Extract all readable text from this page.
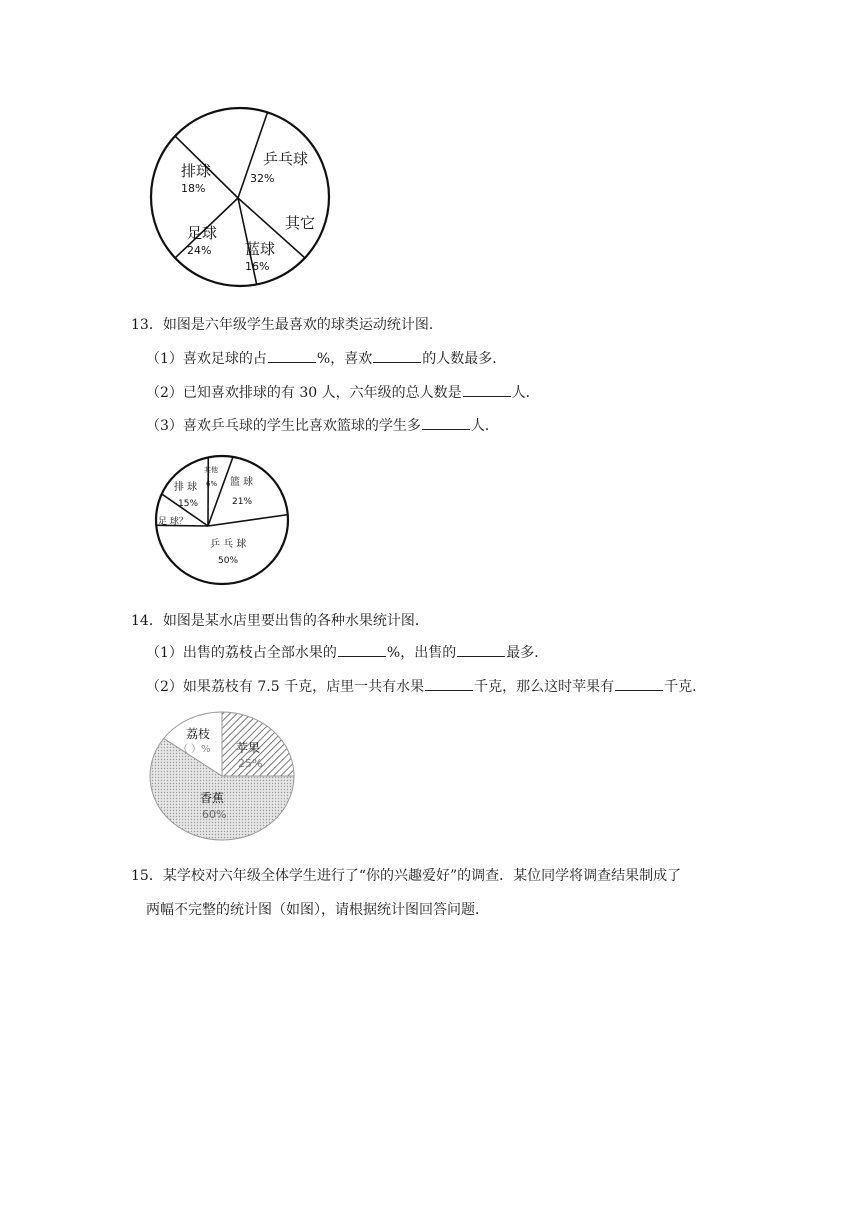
乒乓球
32%
其它
蓝球
16%
足球
24%
排球
18%
13．如图是六年级学生最喜欢的球类运动统计图．
（1）喜欢足球的占	%，喜欢	的人数最多．
（2）已知喜欢排球的有 30 人，六年级的总人数是	人．
（3）喜欢乒乓球的学生比喜欢篮球的学生多	人．
其他
6% 篮 球
21%
乒 乓 球
50%
足 球？
排 球
15%
14．如图是某水店里要出售的各种水果统计图．
（1）出售的荔枝占全部水果的	%，出售的	最多．
（2）如果荔枝有 7.5 千克，店里一共有水果	千克，那么这时苹果有	千克．
苹果
25%
香蕉
60%
荔枝
（ ）%
15．某学校对六年级全体学生进行了“你的兴趣爱好”的调查．某位同学将调查结果制成了
两幅不完整的统计图（如图），请根据统计图回答问题．
